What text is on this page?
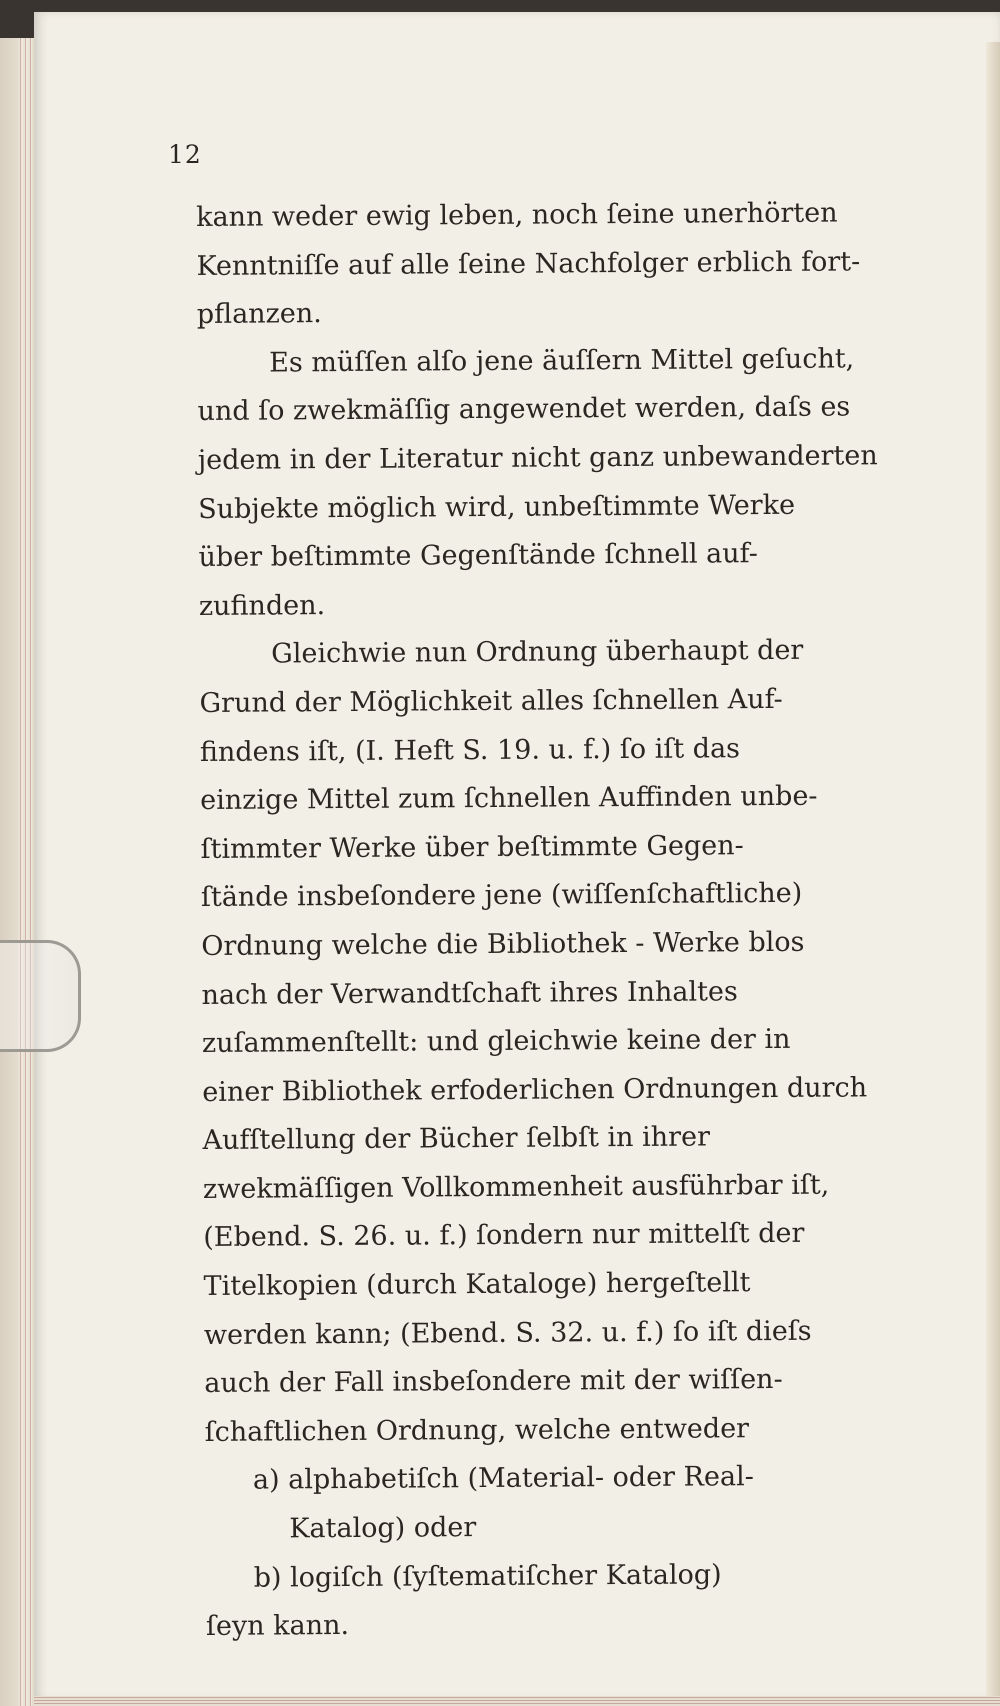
12
kann weder ewig leben, noch ſeine unerhörten
Kenntniſſe auf alle ſeine Nachfolger erblich fort-
pflanzen.
Es müſſen alſo jene äuſſern Mittel geſucht,
und ſo zwekmäſſig angewendet werden, daſs es
jedem in der Literatur nicht ganz unbewanderten
Subjekte möglich wird, unbeſtimmte Werke
über beſtimmte Gegenſtände ſchnell auf-
zufinden.
Gleichwie nun Ordnung überhaupt der
Grund der Möglichkeit alles ſchnellen Auf-
findens iſt, (I. Heft S. 19. u. f.) ſo iſt das
einzige Mittel zum ſchnellen Auffinden unbe-
ſtimmter Werke über beſtimmte Gegen-
ſtände insbeſondere jene (wiſſenſchaftliche)
Ordnung welche die Bibliothek - Werke blos
nach der Verwandtſchaft ihres Inhaltes
zuſammenſtellt: und gleichwie keine der in
einer Bibliothek erfoderlichen Ordnungen durch
Aufſtellung der Bücher ſelbſt in ihrer
zwekmäſſigen Vollkommenheit ausführbar iſt,
(Ebend. S. 26. u. f.) ſondern nur mittelſt der
Titelkopien (durch Kataloge) hergeſtellt
werden kann; (Ebend. S. 32. u. f.) ſo iſt dieſs
auch der Fall insbeſondere mit der wiſſen-
ſchaftlichen Ordnung, welche entweder
a) alphabetiſch (Material- oder Real-
Katalog) oder
b) logiſch (ſyſtematiſcher Katalog)
ſeyn kann.
